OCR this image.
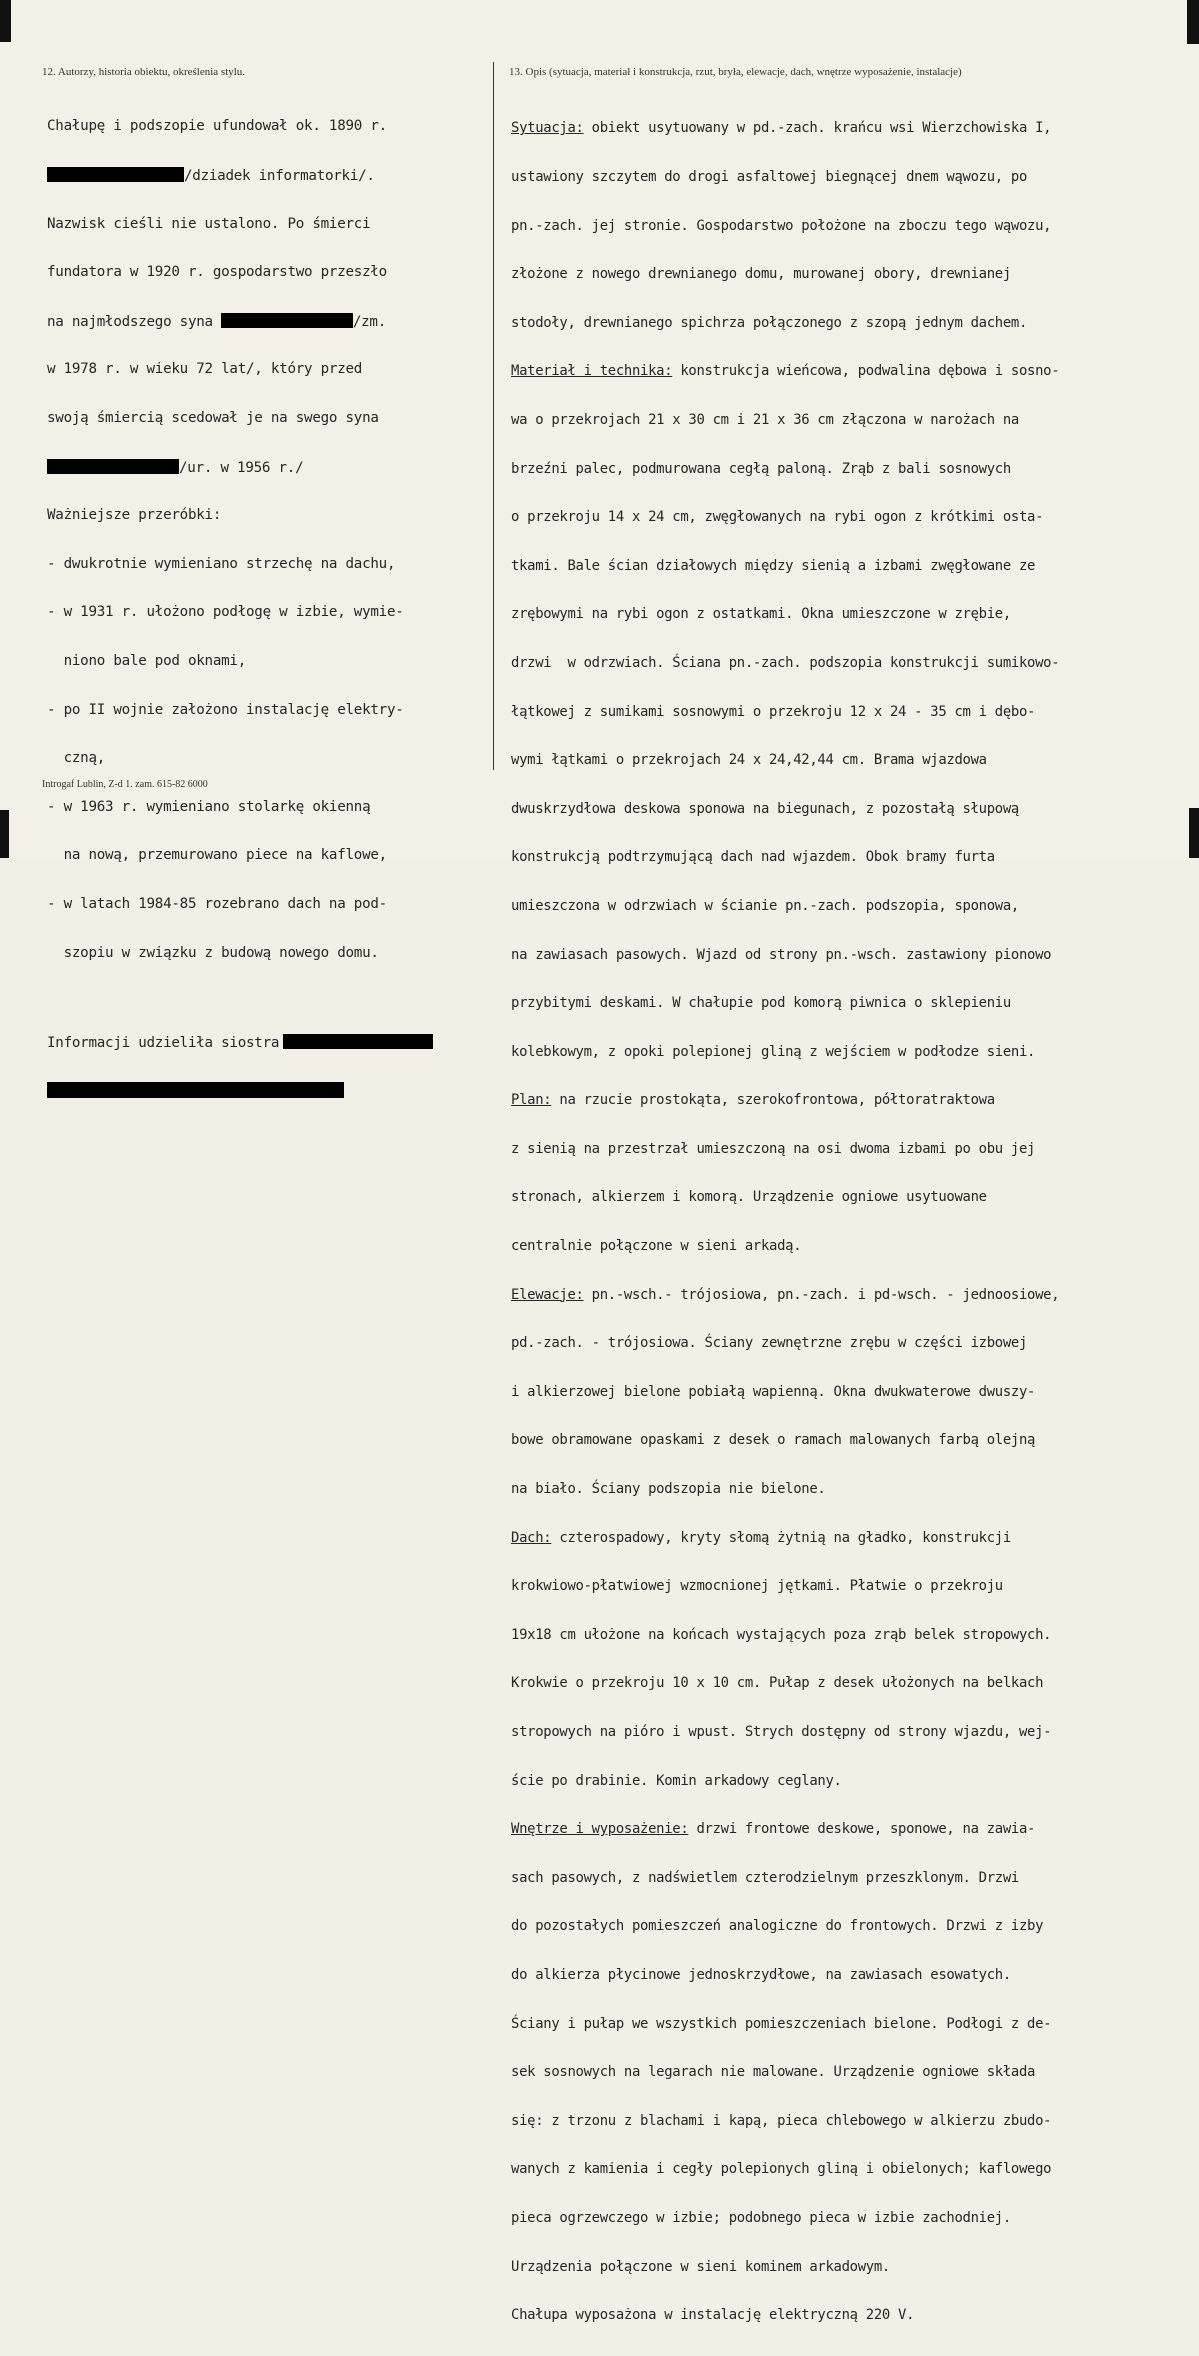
12. Autorzy, historia obiektu, określenia stylu.	13. Opis (sytuacja, materiał i konstrukcja, rzut, bryła, elewacje, dach, wnętrze wyposażenie, instalacje)

Chałupę i podszopie ufundował ok. 1890 r.

/dziadek informatorki/.

Nazwisk cieśli nie ustalono. Po śmierci

fundatora w 1920 r. gospodarstwo przeszło

na najmłodszego syna	/zm.

w 1978 r. w wieku 72 lat/, który przed

swoją śmiercią scedował je na swego syna

/ur. w 1956 r./

Ważniejsze przeróbki:

- dwukrotnie wymieniano strzechę na dachu,

- w 1931 r. ułożono podłogę w izbie, wymie-

niono bale pod oknami,

- po II wojnie założono instalację elektry-

czną,

- w 1963 r. wymieniano stolarkę okienną

na nową, przemurowano piece na kaflowe,

- w latach 1984-85 rozebrano dach na pod-

szopiu w związku z budową nowego domu.

Informacji udzieliła siostra

Sytuacja: obiekt usytuowany w pd.-zach. krańcu wsi Wierzchowiska I,

ustawiony szczytem do drogi asfaltowej biegnącej dnem wąwozu, po

pn.-zach. jej stronie. Gospodarstwo położone na zboczu tego wąwozu,

złożone z nowego drewnianego domu, murowanej obory, drewnianej

stodoły, drewnianego spichrza połączonego z szopą jednym dachem.

Materiał i technika: konstrukcja wieńcowa, podwalina dębowa i sosno-

wa o przekrojach 21 x 30 cm i 21 x 36 cm złączona w narożach na

brzeźni palec, podmurowana cegłą paloną. Zrąb z bali sosnowych

o przekroju 14 x 24 cm, zwęgłowanych na rybi ogon z krótkimi osta-

tkami. Bale ścian działowych między sienią a izbami zwęgłowane ze

zrębowymi na rybi ogon z ostatkami. Okna umieszczone w zrębie,

drzwi  w odrzwiach. Ściana pn.-zach. podszopia konstrukcji sumikowo-

łątkowej z sumikami sosnowymi o przekroju 12 x 24 - 35 cm i dębo-

wymi łątkami o przekrojach 24 x 24,42,44 cm. Brama wjazdowa

dwuskrzydłowa deskowa sponowa na biegunach, z pozostałą słupową

konstrukcją podtrzymującą dach nad wjazdem. Obok bramy furta

umieszczona w odrzwiach w ścianie pn.-zach. podszopia, sponowa,

na zawiasach pasowych. Wjazd od strony pn.-wsch. zastawiony pionowo

przybitymi deskami. W chałupie pod komorą piwnica o sklepieniu

kolebkowym, z opoki polepionej gliną z wejściem w podłodze sieni.

Plan: na rzucie prostokąta, szerokofrontowa, półtoratraktowa

z sienią na przestrzał umieszczoną na osi dwoma izbami po obu jej

stronach, alkierzem i komorą. Urządzenie ogniowe usytuowane

centralnie połączone w sieni arkadą.

Elewacje: pn.-wsch.- trójosiowa, pn.-zach. i pd-wsch. - jednoosiowe,

pd.-zach. - trójosiowa. Ściany zewnętrzne zrębu w części izbowej

i alkierzowej bielone pobiałą wapienną. Okna dwukwaterowe dwuszy-

bowe obramowane opaskami z desek o ramach malowanych farbą olejną

na biało. Ściany podszopia nie bielone.

Dach: czterospadowy, kryty słomą żytnią na gładko, konstrukcji

krokwiowo-płatwiowej wzmocnionej jętkami. Płatwie o przekroju

19x18 cm ułożone na końcach wystających poza zrąb belek stropowych.

Krokwie o przekroju 10 x 10 cm. Pułap z desek ułożonych na belkach

stropowych na pióro i wpust. Strych dostępny od strony wjazdu, wej-

ście po drabinie. Komin arkadowy ceglany.

Wnętrze i wyposażenie: drzwi frontowe deskowe, sponowe, na zawia-

sach pasowych, z nadświetlem czterodzielnym przeszklonym. Drzwi

do pozostałych pomieszczeń analogiczne do frontowych. Drzwi z izby

do alkierza płycinowe jednoskrzydłowe, na zawiasach esowatych.

Ściany i pułap we wszystkich pomieszczeniach bielone. Podłogi z de-

sek sosnowych na legarach nie malowane. Urządzenie ogniowe składa

się: z trzonu z blachami i kapą, pieca chlebowego w alkierzu zbudo-

wanych z kamienia i cegły polepionych gliną i obielonych; kaflowego

pieca ogrzewczego w izbie; podobnego pieca w izbie zachodniej.

Urządzenia połączone w sieni kominem arkadowym.

Chałupa wyposażona w instalację elektryczną 220 V.

Introgaf Lublin, Z-d 1. zam. 615-82 6000
